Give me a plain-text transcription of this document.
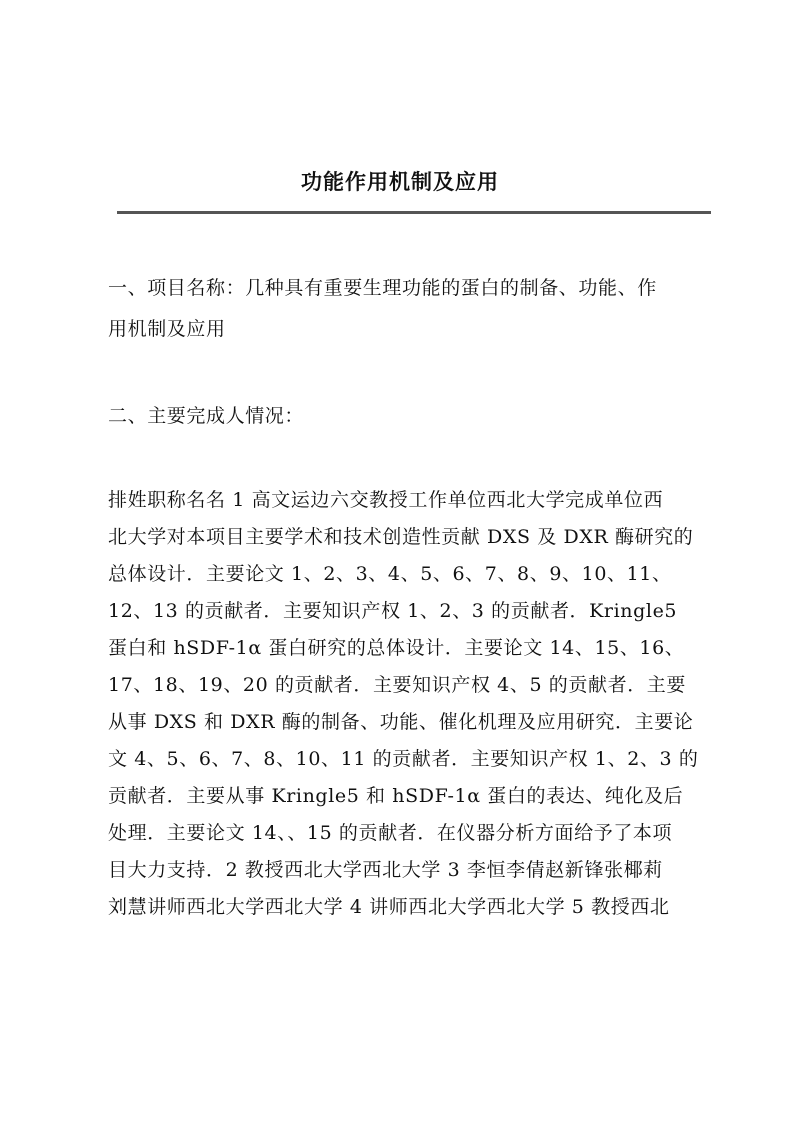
功能作用机制及应用
一、项目名称：几种具有重要生理功能的蛋白的制备、功能、作
用机制及应用
二、主要完成人情况：
排姓职称名名 1 高文运边六交教授工作单位西北大学完成单位西
北大学对本项目主要学术和技术创造性贡献 DXS 及 DXR 酶研究的
总体设计．主要论文 1、2、3、4、5、6、7、8、9、10、11、
12、13 的贡献者．主要知识产权 1、2、3 的贡献者．Kringle5
蛋白和 hSDF-1α 蛋白研究的总体设计．主要论文 14、15、16、
17、18、19、20 的贡献者．主要知识产权 4、5 的贡献者．主要
从事 DXS 和 DXR 酶的制备、功能、催化机理及应用研究．主要论
文 4、5、6、7、8、10、11 的贡献者．主要知识产权 1、2、3 的
贡献者．主要从事 Kringle5 和 hSDF-1α 蛋白的表达、纯化及后
处理．主要论文 14、、15 的贡献者．在仪器分析方面给予了本项
目大力支持．2 教授西北大学西北大学 3 李恒李倩赵新锋张椰莉
刘慧讲师西北大学西北大学 4 讲师西北大学西北大学 5 教授西北
